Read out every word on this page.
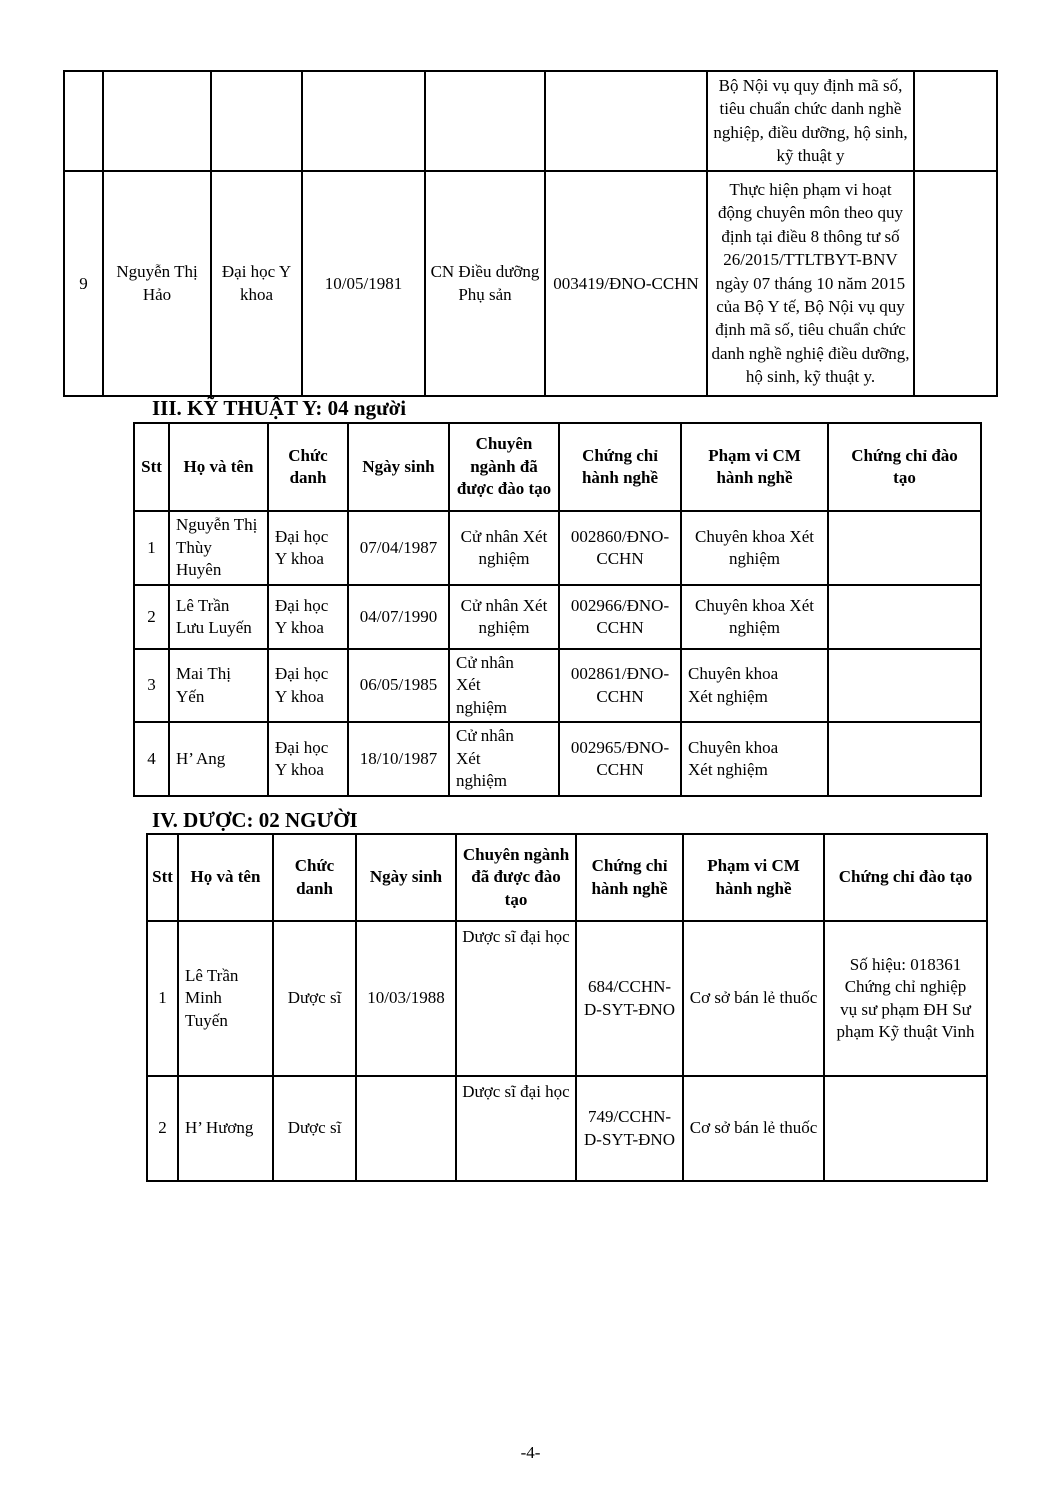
						Bộ Nội vụ quy định mã số, tiêu chuẩn chức danh nghề nghiệp, điều dưỡng, hộ sinh, kỹ thuật y	
9	Nguyễn Thị Hảo	Đại học Y khoa	10/05/1981	CN Điều dưỡng Phụ sản	003419/ĐNO-CCHN	Thực hiện phạm vi hoạt động chuyên môn theo quy định tại điều 8 thông tư số 26/2015/TTLTBYT-BNV ngày 07 tháng 10 năm 2015 của Bộ Y tế, Bộ Nội vụ quy định mã số, tiêu chuẩn chức danh nghề nghiệ điều dưỡng, hộ sinh, kỹ thuật y.	
III. KỸ THUẬT Y: 04 người
Stt	Họ và tên	Chức danh	Ngày sinh	Chuyên ngành đã được đào tạo	Chứng chỉ hành nghề	Phạm vi CM hành nghề	Chứng chỉ đào tạo
1	Nguyễn Thị Thùy Huyên	Đại học Y khoa	07/04/1987	Cử nhân Xét nghiệm	002860/ĐNO-CCHN	Chuyên khoa Xét nghiệm	
2	Lê Trần Lưu Luyến	Đại học Y khoa	04/07/1990	Cử nhân Xét nghiệm	002966/ĐNO-CCHN	Chuyên khoa Xét nghiệm	
3	Mai Thị Yến	Đại học Y khoa	06/05/1985	Cử nhân Xét nghiệm	002861/ĐNO-CCHN	Chuyên khoa Xét nghiệm	
4	H’ Ang	Đại học Y khoa	18/10/1987	Cử nhân Xét nghiệm	002965/ĐNO-CCHN	Chuyên khoa Xét nghiệm	
IV. DƯỢC: 02 NGƯỜI
Stt	Họ và tên	Chức danh	Ngày sinh	Chuyên ngành đã được đào tạo	Chứng chỉ hành nghề	Phạm vi CM hành nghề	Chứng chỉ đào tạo
1	Lê Trần Minh Tuyến	Dược sĩ	10/03/1988	Dược sĩ đại học	684/CCHN-D-SYT-ĐNO	Cơ sở bán lẻ thuốc	Số hiệu: 018361 Chứng chỉ nghiệp vụ sư phạm ĐH Sư phạm Kỹ thuật Vinh
2	H’ Hương	Dược sĩ		Dược sĩ đại học	749/CCHN-D-SYT-ĐNO	Cơ sở bán lẻ thuốc	
-4-
